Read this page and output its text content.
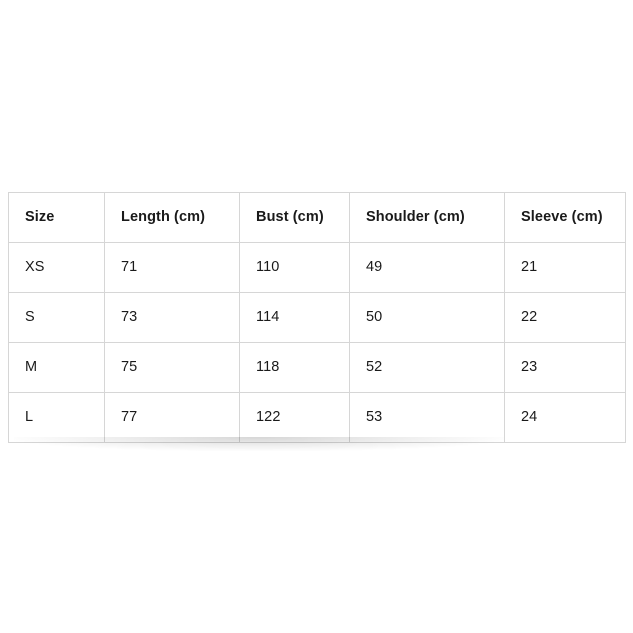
Size	Length (cm)	Bust (cm)	Shoulder (cm)	Sleeve (cm)
XS	71	110	49	21
S	73	114	50	22
M	75	118	52	23
L	77	122	53	24
